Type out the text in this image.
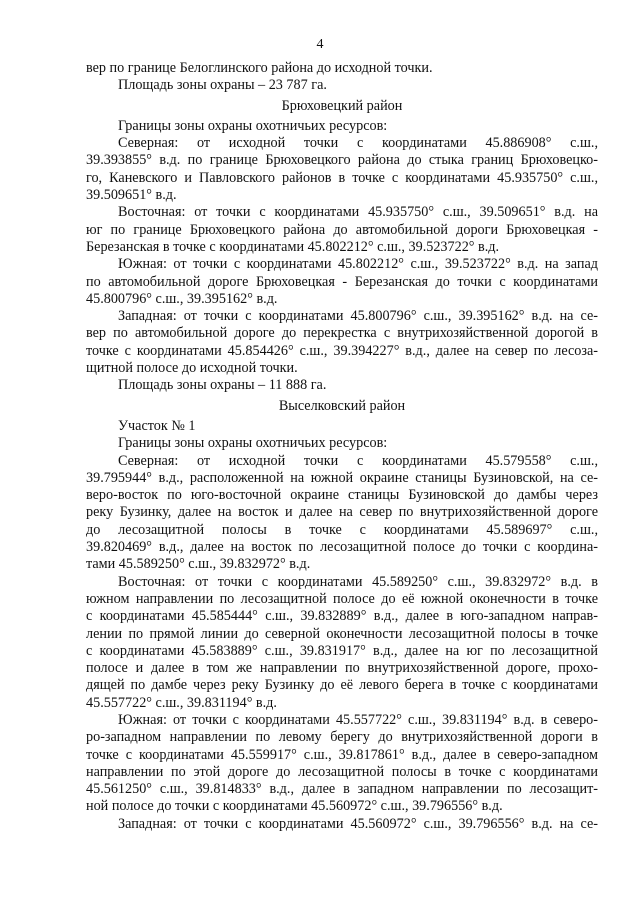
4
вер по границе Белоглинского района до исходной точки.
Площадь зоны охраны – 23 787 га.
Брюховецкий район
Границы зоны охраны охотничьих ресурсов:
Северная: от исходной точки с координатами 45.886908° с.ш.,
39.393855° в.д. по границе Брюховецкого района до стыка границ Брюховецко-
го, Каневского и Павловского районов в точке с координатами 45.935750° с.ш.,
39.509651° в.д.
Восточная: от точки с координатами 45.935750° с.ш., 39.509651° в.д. на
юг по границе Брюховецкого района до автомобильной дороги Брюховецкая -
Березанская в точке с координатами 45.802212° с.ш., 39.523722° в.д.
Южная: от точки с координатами 45.802212° с.ш., 39.523722° в.д. на запад
по автомобильной дороге Брюховецкая - Березанская до точки с координатами
45.800796° с.ш., 39.395162° в.д.
Западная: от точки с координатами 45.800796° с.ш., 39.395162° в.д. на се-
вер по автомобильной дороге до перекрестка с внутрихозяйственной дорогой в
точке с координатами 45.854426° с.ш., 39.394227° в.д., далее на север по лесоза-
щитной полосе до исходной точки.
Площадь зоны охраны – 11 888 га.
Выселковский район
Участок № 1
Границы зоны охраны охотничьих ресурсов:
Северная: от исходной точки с координатами 45.579558° с.ш.,
39.795944° в.д., расположенной на южной окраине станицы Бузиновской, на се-
веро-восток по юго-восточной окраине станицы Бузиновской до дамбы через
реку Бузинку, далее на восток и далее на север по внутрихозяйственной дороге
до лесозащитной полосы в точке с координатами 45.589697° с.ш.,
39.820469° в.д., далее на восток по лесозащитной полосе до точки с координа-
тами 45.589250° с.ш., 39.832972° в.д.
Восточная: от точки с координатами 45.589250° с.ш., 39.832972° в.д. в
южном направлении по лесозащитной полосе до её южной оконечности в точке
с координатами 45.585444° с.ш., 39.832889° в.д., далее в юго-западном направ-
лении по прямой линии до северной оконечности лесозащитной полосы в точке
с координатами 45.583889° с.ш., 39.831917° в.д., далее на юг по лесозащитной
полосе и далее в том же направлении по внутрихозяйственной дороге, прохо-
дящей по дамбе через реку Бузинку до её левого берега в точке с координатами
45.557722° с.ш., 39.831194° в.д.
Южная: от точки с координатами 45.557722° с.ш., 39.831194° в.д. в северо-
ро-западном направлении по левому берегу до внутрихозяйственной дороги в
точке с координатами 45.559917° с.ш., 39.817861° в.д., далее в северо-западном
направлении по этой дороге до лесозащитной полосы в точке с координатами
45.561250° с.ш., 39.814833° в.д., далее в западном направлении по лесозащит-
ной полосе до точки с координатами 45.560972° с.ш., 39.796556° в.д.
Западная: от точки с координатами 45.560972° с.ш., 39.796556° в.д. на се-
